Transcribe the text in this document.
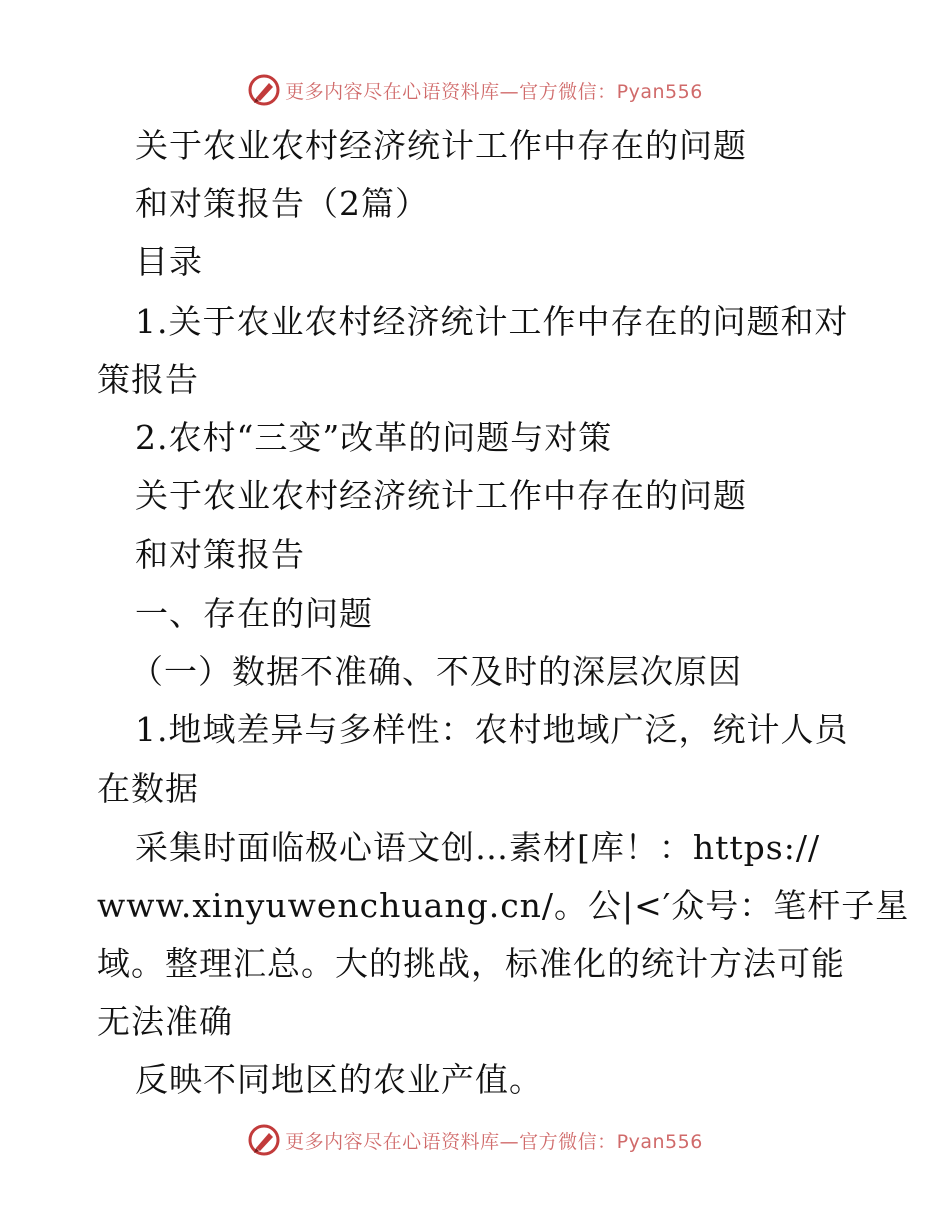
更多内容尽在心语资料库—官方微信：Pyan556
关于农业农村经济统计工作中存在的问题
和对策报告（2篇）
目录
1.关于农业农村经济统计工作中存在的问题和对
策报告
2.农村“三变”改革的问题与对策
关于农业农村经济统计工作中存在的问题
和对策报告
一、存在的问题
（一）数据不准确、不及时的深层次原因
1.地域差异与多样性：农村地域广泛，统计人员
在数据
采集时面临极心语文创…素材[库！：https://
www.xinyuwenchuang.cn/。公|<′众号：笔杆子星
域。整理汇总。大的挑战，标准化的统计方法可能
无法准确
反映不同地区的农业产值。
更多内容尽在心语资料库—官方微信：Pyan556
